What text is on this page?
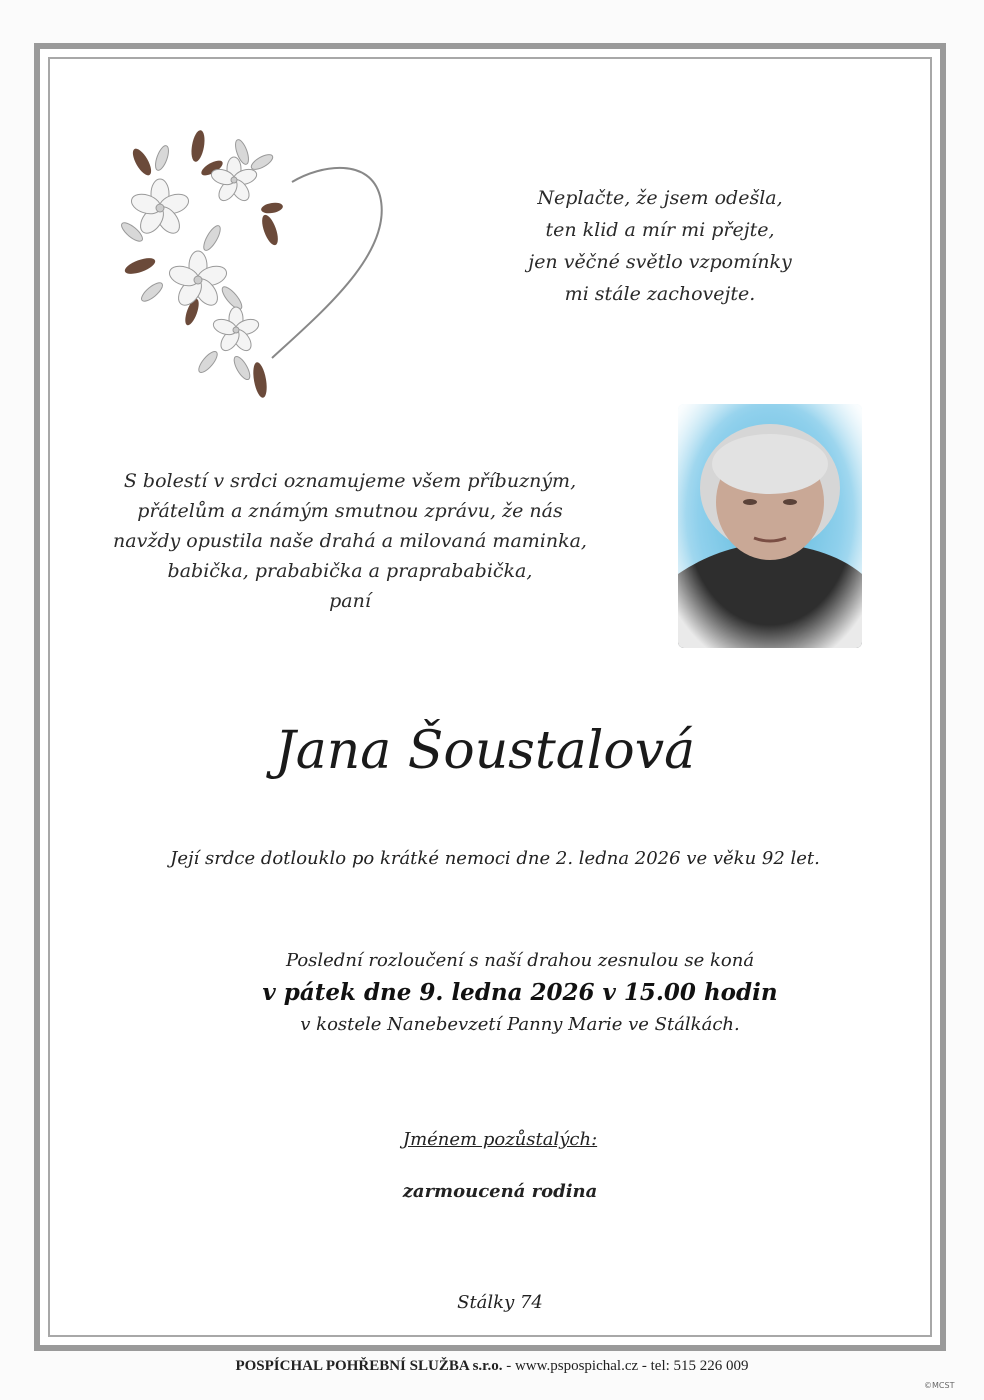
Neplačte, že jsem odešla,
ten klid a mír mi přejte,
jen věčné světlo vzpomínky
mi stále zachovejte.
S bolestí v srdci oznamujeme všem příbuzným,
přátelům a známým smutnou zprávu, že nás
navždy opustila naše drahá a milovaná maminka,
babička, prababička a praprababička,
paní
Jana Šoustalová
Její srdce dotlouklo po krátké nemoci dne 2. ledna 2026 ve věku 92 let.
Poslední rozloučení s naší drahou zesnulou se koná
v pátek dne 9. ledna 2026 v 15.00 hodin
v kostele Nanebevzetí Panny Marie ve Stálkách.
Jménem pozůstalých:
zarmoucená rodina
Stálky 74
POSPÍCHAL POHŘEBNÍ SLUŽBA s.r.o. - www.pspospichal.cz - tel: 515 226 009
©MCST
